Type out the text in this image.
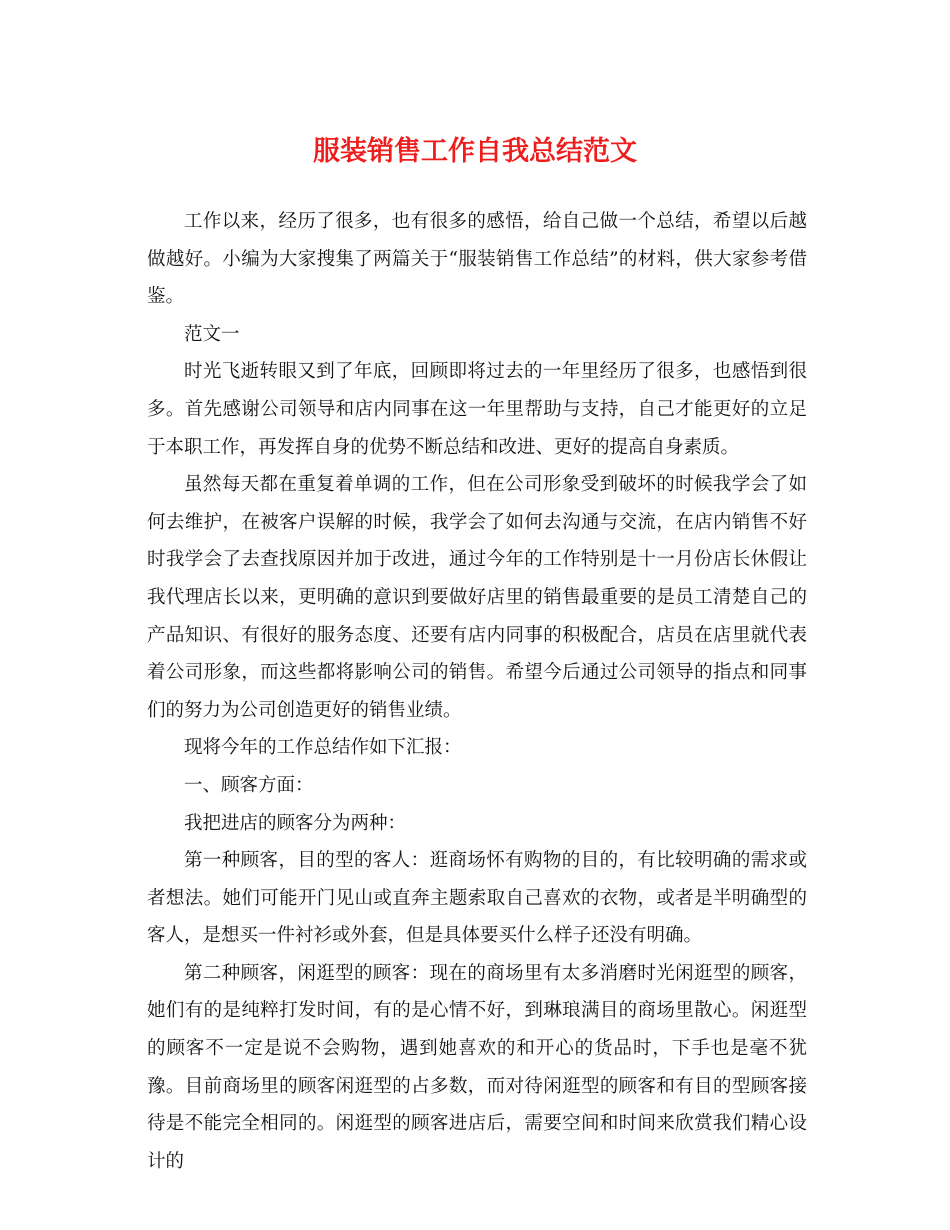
服装销售工作自我总结范文

工作以来，经历了很多，也有很多的感悟，给自己做一个总结，希望以后越做越好。小编为大家搜集了两篇关于“服装销售工作总结”的材料，供大家参考借鉴。

范文一

时光飞逝转眼又到了年底，回顾即将过去的一年里经历了很多，也感悟到很多。首先感谢公司领导和店内同事在这一年里帮助与支持，自己才能更好的立足于本职工作，再发挥自身的优势不断总结和改进、更好的提高自身素质。

虽然每天都在重复着单调的工作，但在公司形象受到破坏的时候我学会了如何去维护，在被客户误解的时候，我学会了如何去沟通与交流，在店内销售不好时我学会了去查找原因并加于改进，通过今年的工作特别是十一月份店长休假让我代理店长以来，更明确的意识到要做好店里的销售最重要的是员工清楚自己的产品知识、有很好的服务态度、还要有店内同事的积极配合，店员在店里就代表着公司形象，而这些都将影响公司的销售。希望今后通过公司领导的指点和同事们的努力为公司创造更好的销售业绩。

现将今年的工作总结作如下汇报：

一、顾客方面：

我把进店的顾客分为两种：

第一种顾客，目的型的客人：逛商场怀有购物的目的，有比较明确的需求或者想法。她们可能开门见山或直奔主题索取自己喜欢的衣物，或者是半明确型的客人，是想买一件衬衫或外套，但是具体要买什么样子还没有明确。

第二种顾客，闲逛型的顾客：现在的商场里有太多消磨时光闲逛型的顾客，她们有的是纯粹打发时间，有的是心情不好，到琳琅满目的商场里散心。闲逛型的顾客不一定是说不会购物，遇到她喜欢的和开心的货品时，下手也是毫不犹豫。目前商场里的顾客闲逛型的占多数，而对待闲逛型的顾客和有目的型顾客接待是不能完全相同的。闲逛型的顾客进店后，需要空间和时间来欣赏我们精心设计的
